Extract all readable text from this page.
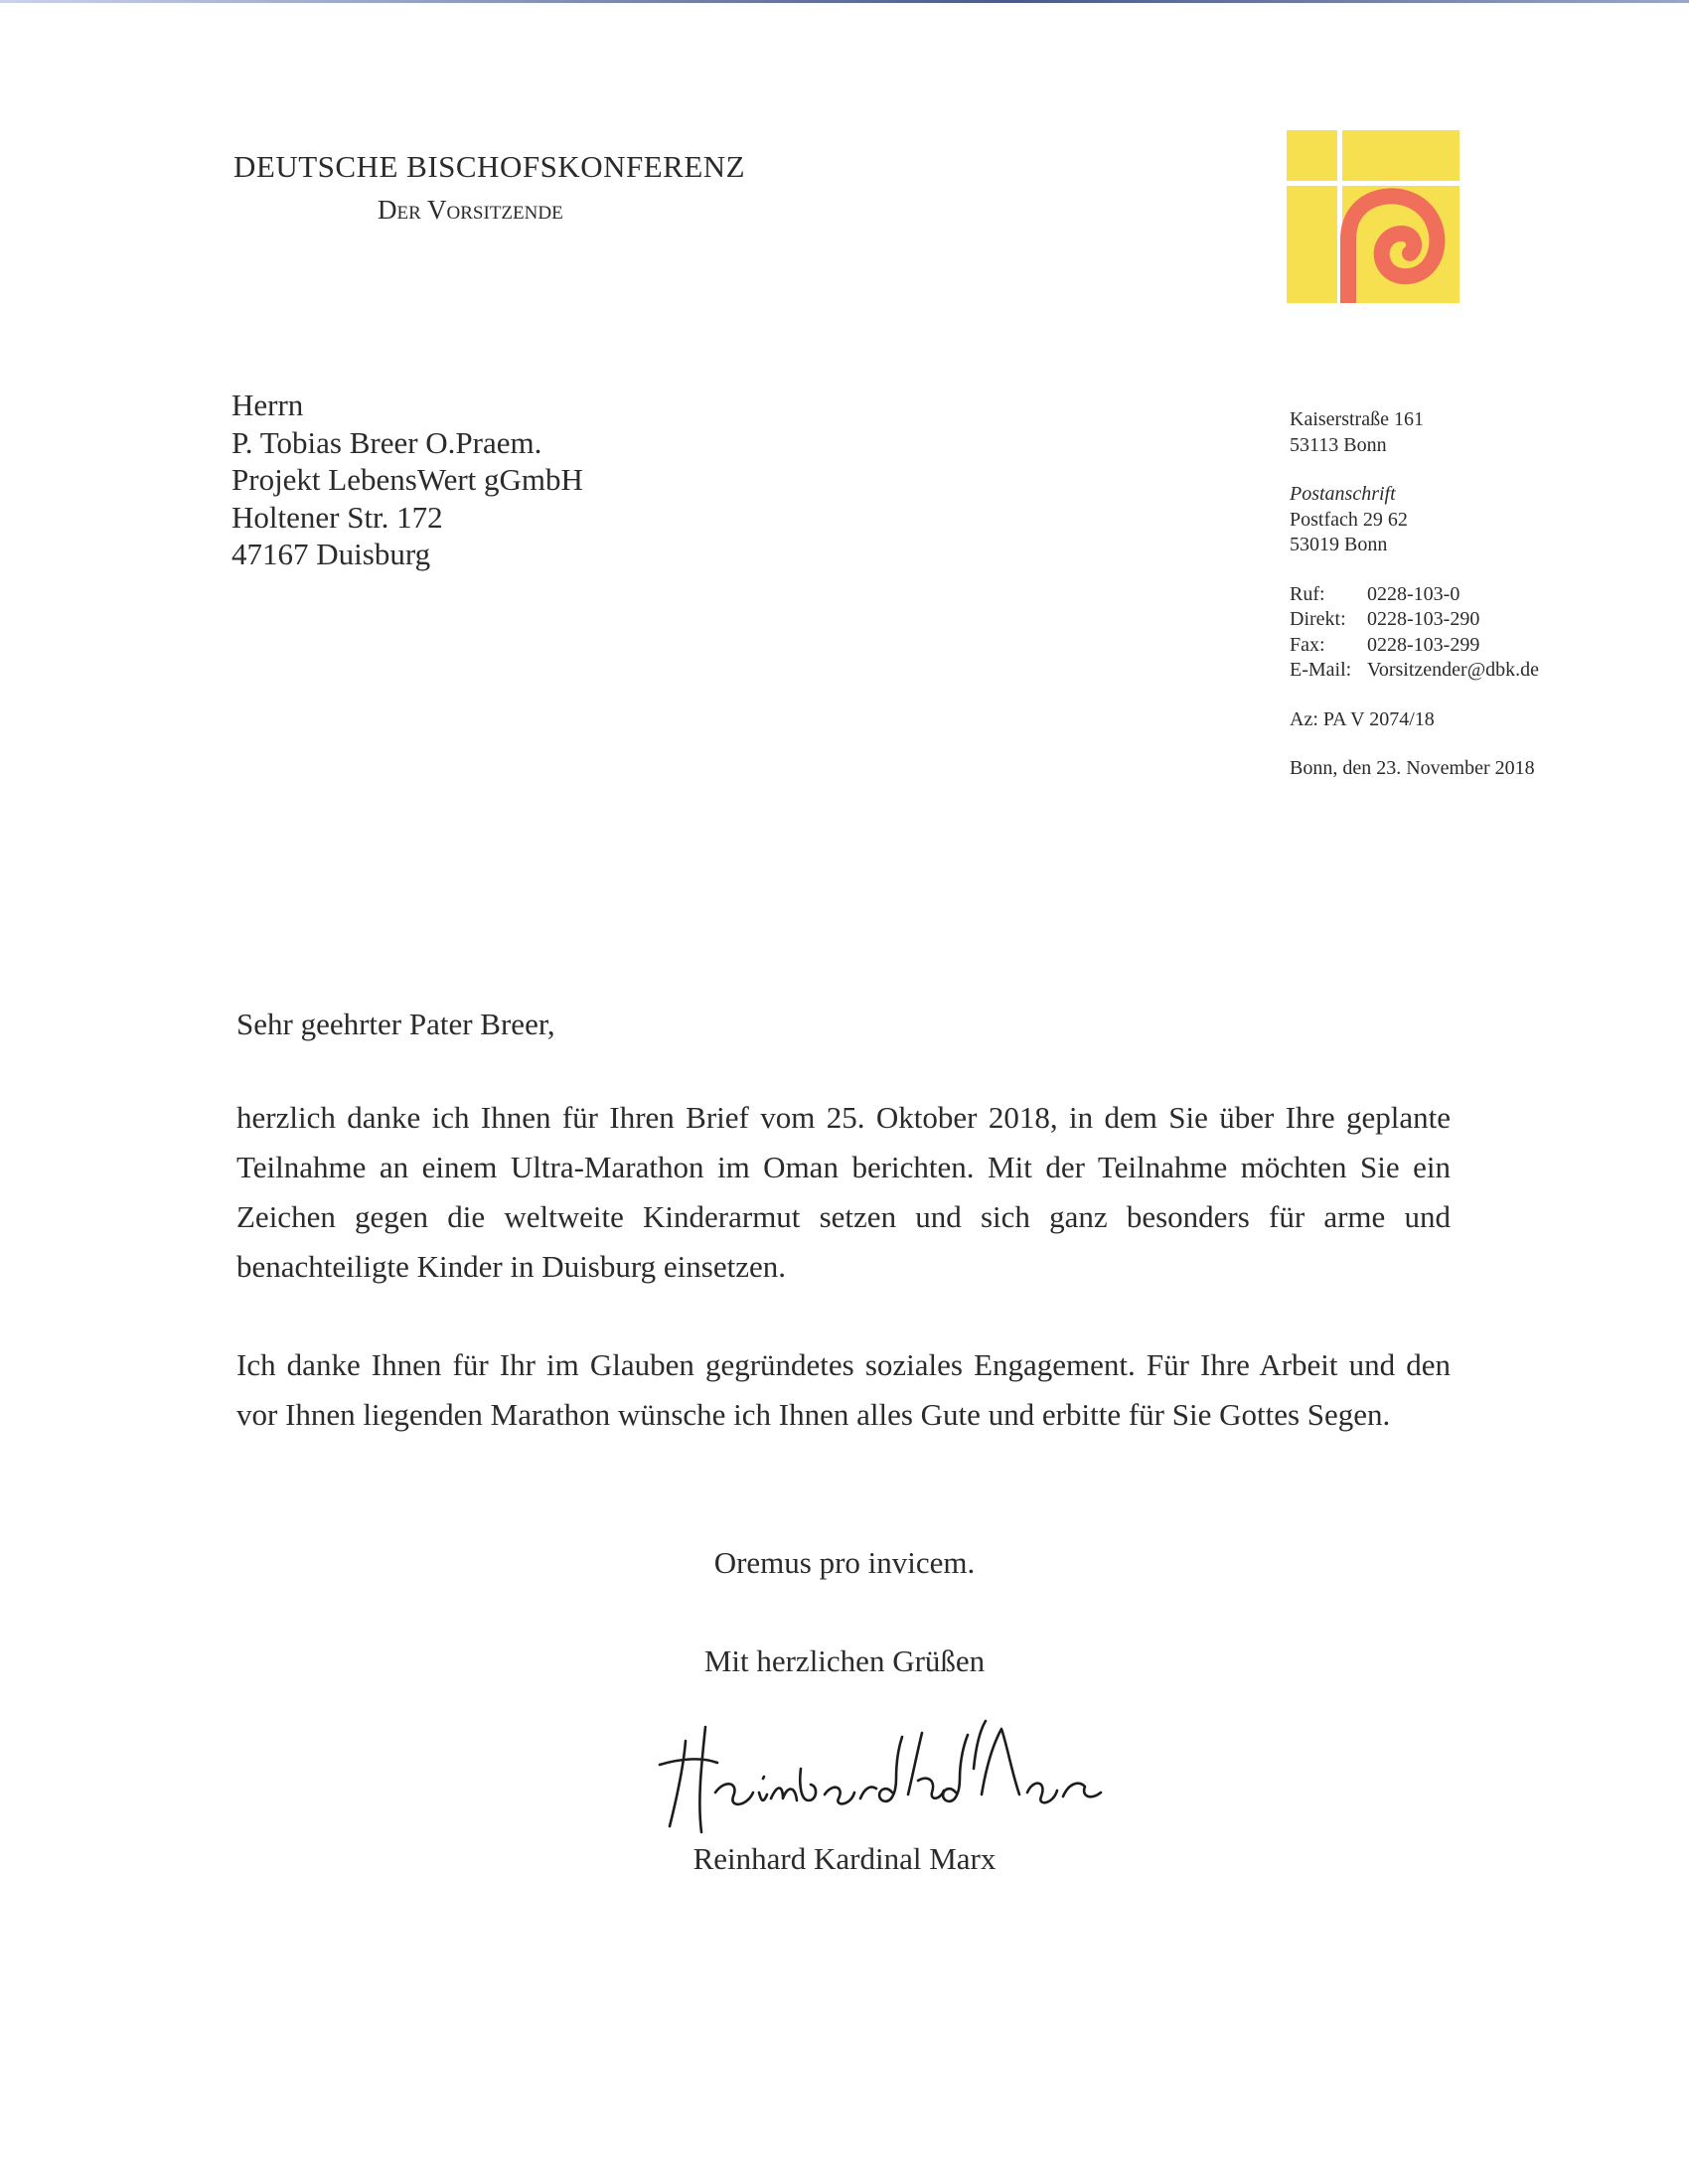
DEUTSCHE BISCHOFSKONFERENZ
Der Vorsitzende
Herrn
P. Tobias Breer O.Praem.
Projekt LebensWert gGmbH
Holtener Str. 172
47167 Duisburg
Kaiserstraße 161
53113 Bonn
Postanschrift
Postfach 29 62
53019 Bonn
Ruf:	0228-103-0
Direkt:	0228-103-290
Fax:	0228-103-299
E-Mail: Vorsitzender@dbk.de
Az: PA V 2074/18
Bonn, den 23. November 2018
Sehr geehrter Pater Breer,
herzlich danke ich Ihnen für Ihren Brief vom 25. Oktober 2018, in dem Sie über Ihre geplante Teilnahme an einem Ultra-Marathon im Oman berichten. Mit der Teilnahme möchten Sie ein Zeichen gegen die weltweite Kinderarmut setzen und sich ganz besonders für arme und benachteiligte Kinder in Duisburg einsetzen.
Ich danke Ihnen für Ihr im Glauben gegründetes soziales Engagement. Für Ihre Arbeit und den vor Ihnen liegenden Marathon wünsche ich Ihnen alles Gute und erbitte für Sie Gottes Segen.
Oremus pro invicem.
Mit herzlichen Grüßen
Reinhard Kardinal Marx
